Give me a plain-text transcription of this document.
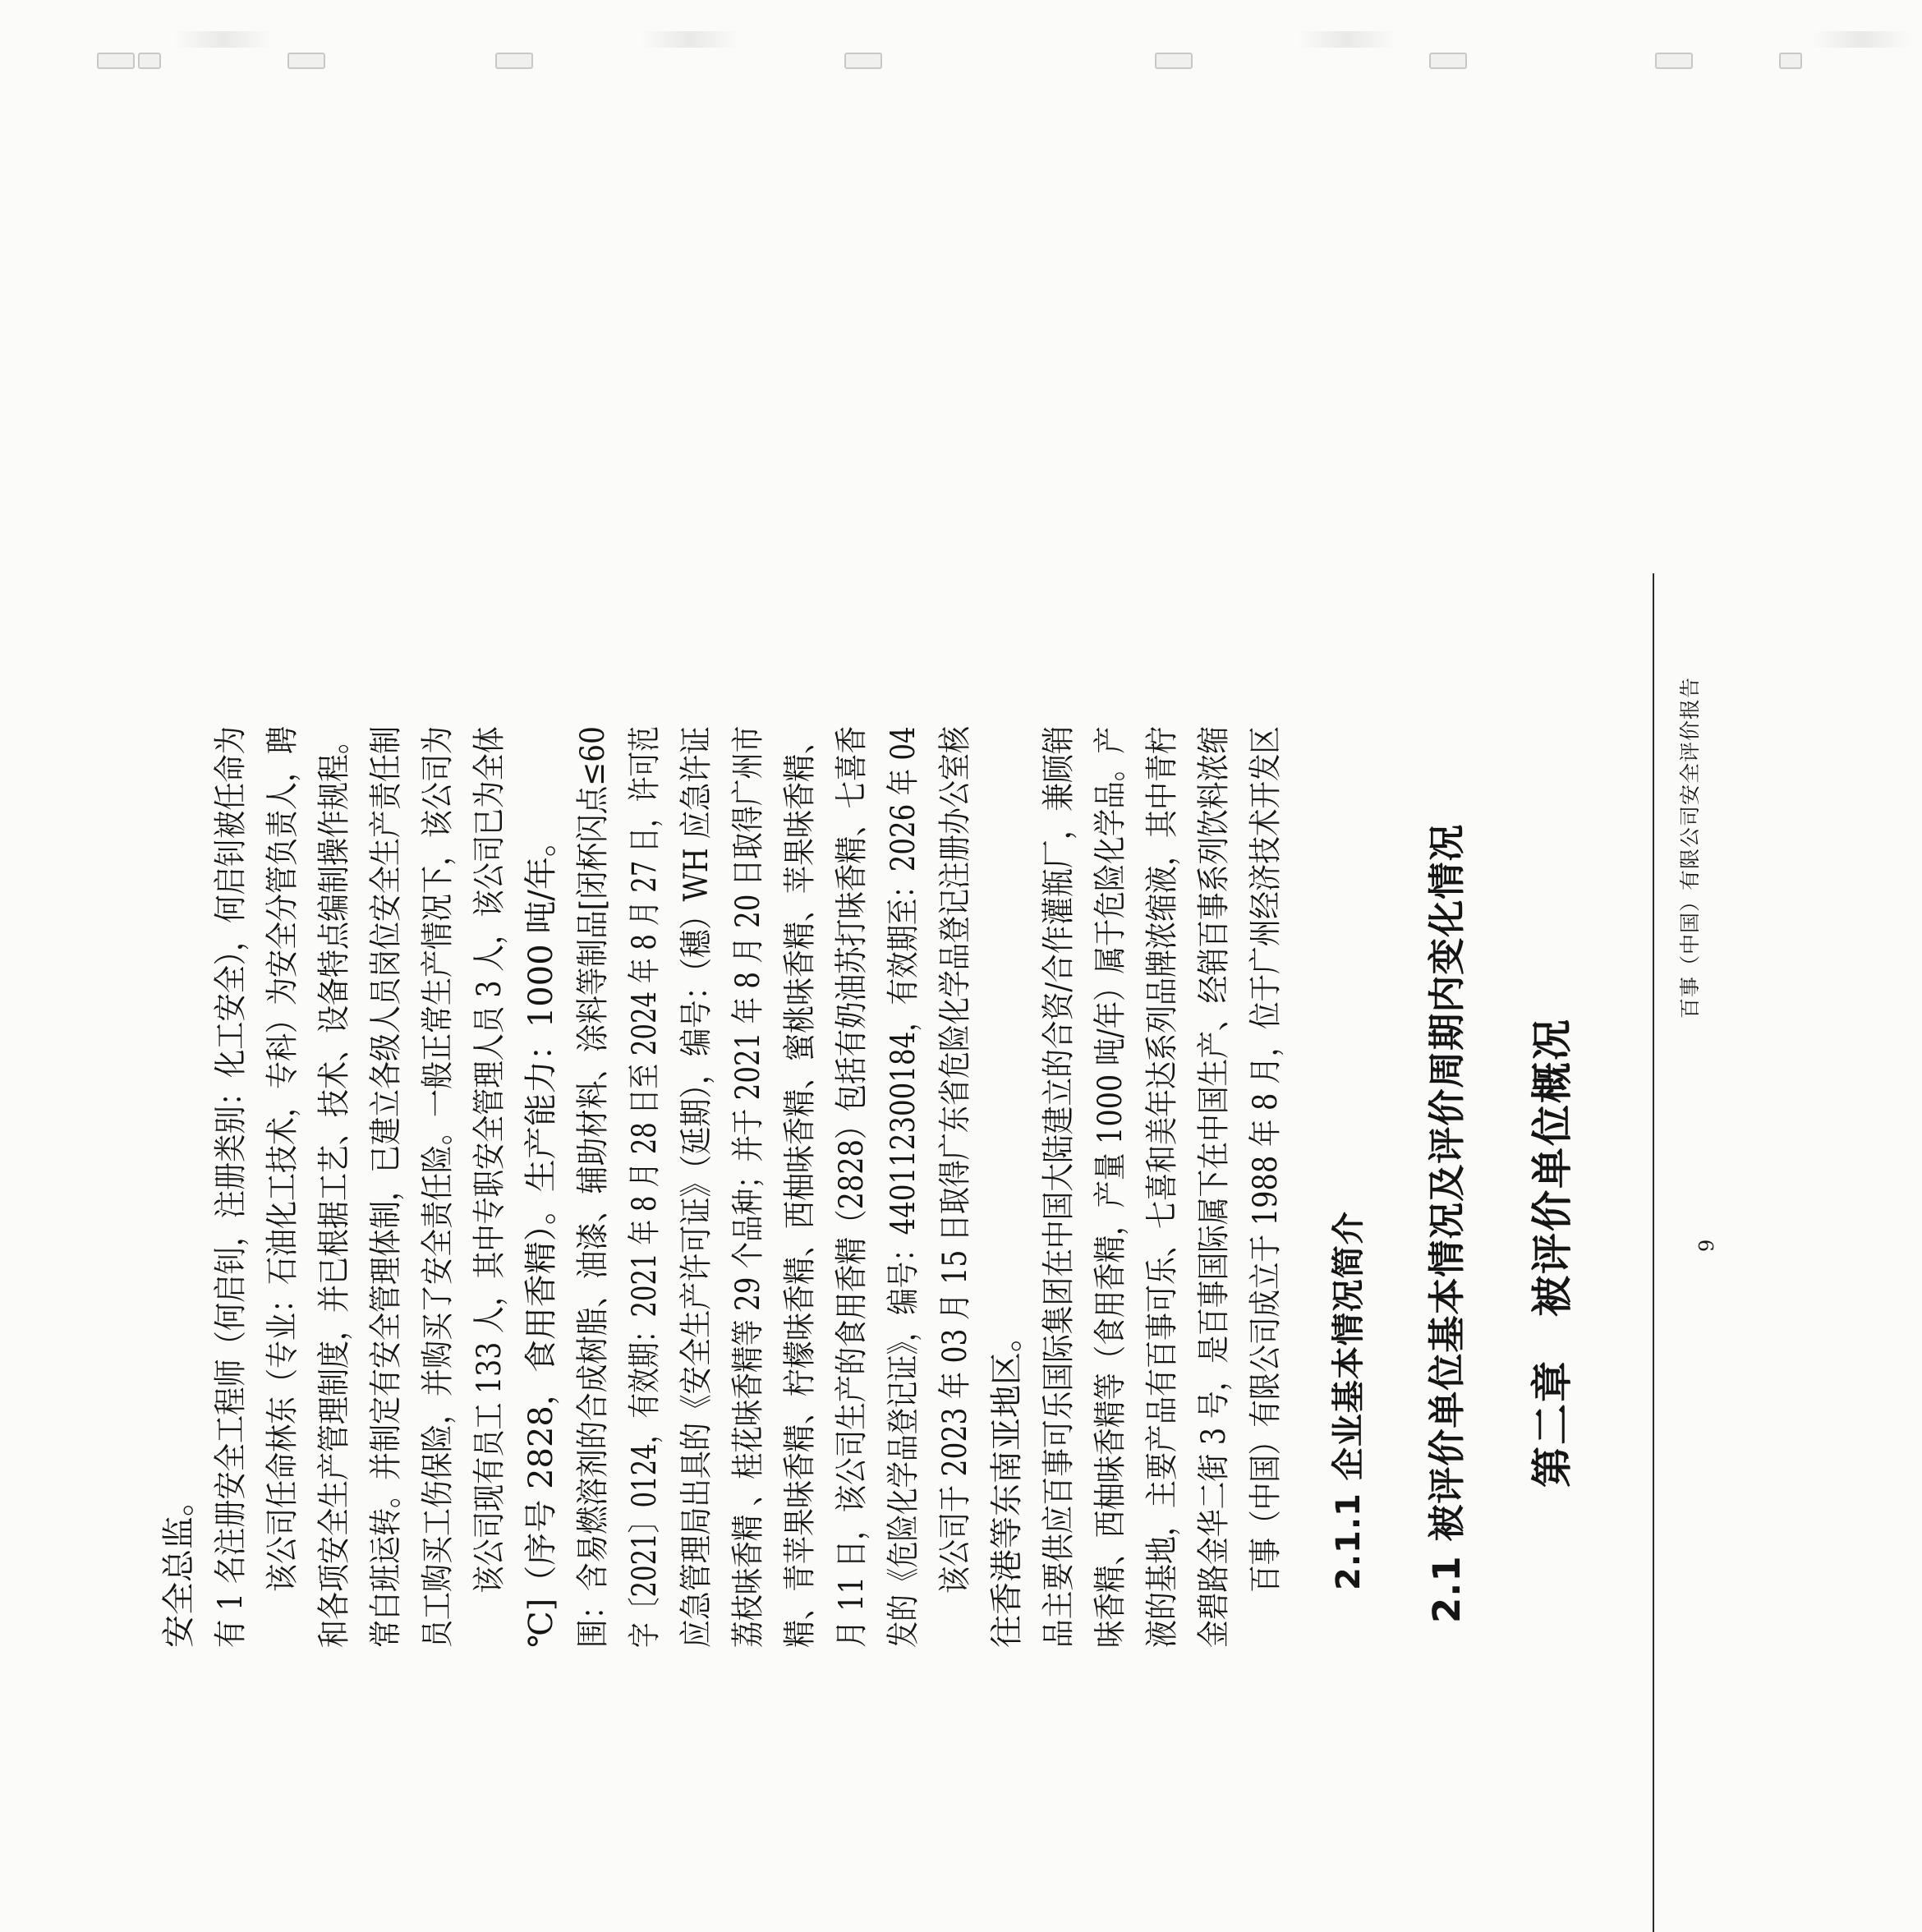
百事（中国）有限公司安全评价报告
第二章　被评价单位概况
2.1 被评价单位基本情况及评价周期内变化情况
2.1.1 企业基本情况简介
　　百事（中国）有限公司成立于 1988 年 8 月，位于广州经济技术开发区
金碧路金华二街 3 号，是百事国际属下在中国生产、经销百事系列饮料浓缩
液的基地，主要产品有百事可乐、七喜和美年达系列品牌浓缩液，其中青柠
味香精、西柚味香精等（食用香精，产量 1000 吨/年）属于危险化学品。产
品主要供应百事可乐国际集团在中国大陆建立的合资/合作灌瓶厂，兼顾销
往香港等东南亚地区。
　　该公司于 2023 年 03 月 15 日取得广东省危险化学品登记注册办公室核
发的《危险化学品登记证》，编号：440112300184，有效期至：2026 年 04
月 11 日，该公司生产的食用香精（2828）包括有奶油苏打味香精、七喜香
精、青苹果味香精、柠檬味香精、西柚味香精、蜜桃味香精、苹果味香精、
荔枝味香精 、桂花味香精等 29 个品种；并于 2021 年 8 月 20 日取得广州市
应急管理局出具的《安全生产许可证》（延期），编号：（穗）WH 应急许证
字〔2021〕0124，有效期：2021 年 8 月 28 日至 2024 年 8 月 27 日，许可范
围：含易燃溶剂的合成树脂、油漆、辅助材料、涂料等制品[闭杯闪点≤60
℃]（序号 2828，食用香精）。生产能力：1000 吨/年。
　　该公司现有员工 133 人，其中专职安全管理人员 3 人，该公司已为全体
员工购买工伤保险，并购买了安全责任险。一般正常生产情况下，该公司为
常白班运转。并制定有安全管理体制，已建立各级人员岗位安全生产责任制
和各项安全生产管理制度，并已根据工艺、技术、设备特点编制操作规程。
　　该公司任命林东（专业：石油化工技术，专科）为安全分管负责人，聘
有 1 名注册安全工程师（何启钊，注册类别：化工安全），何启钊被任命为
安全总监。
9
